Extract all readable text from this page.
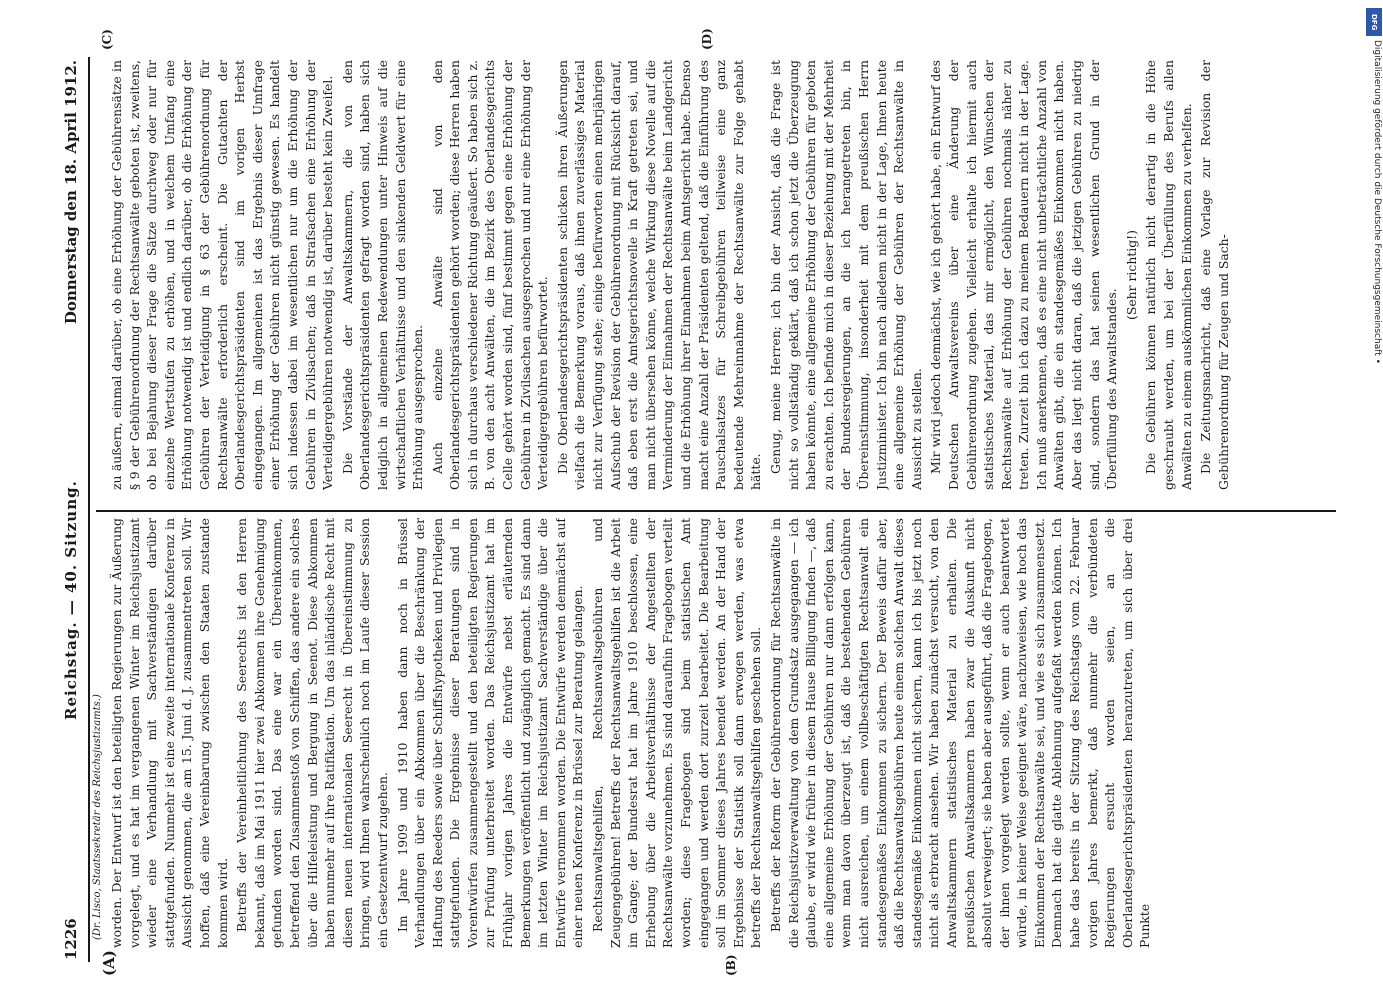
1226
Reichstag. — 40. Sitzung.
Donnerstag den 18. April 1912.
(Dr. Lisco, Staatssekretär des Reichsjustizamts.)
(A)	(B)
(C)	(D)

worden. Der Entwurf ist den beteiligten Regierungen zur Äußerung vorgelegt, und es hat im vergangenen Winter im Reichsjustizamt wieder eine Verhandlung mit Sachverständigen darüber stattgefunden. Nunmehr ist eine zweite internationale Konferenz in Aussicht genommen, die am 15. Juni d. J. zusammentreten soll. Wir hoffen, daß eine Vereinbarung zwischen den Staaten zustande kommen wird. Betreffs der Vereinheitlichung des Seerechts ist den Herren bekannt, daß im Mai 1911 hier zwei Abkommen ihre Genehmigung gefunden worden sind. Das eine war ein Übereinkommen, betreffend den Zusammenstoß von Schiffen, das andere ein solches über die Hilfeleistung und Bergung in Seenot. Diese Abkommen haben nunmehr auf ihre Ratifikation. Um das inländische Recht mit diesen neuen internationalen Seerecht in Übereinstimmung zu bringen, wird Ihnen wahrscheinlich noch im Laufe dieser Session ein Gesetzentwurf zugehen. Im Jahre 1909 und 1910 haben dann noch in Brüssel Verhandlungen über ein Abkommen über die Beschränkung der Haftung des Reeders sowie über Schiffshypotheken und Privilegien stattgefunden. Die Ergebnisse dieser Beratungen sind in Vorentwürfen zusammengestellt und den beteiligten Regierungen zur Prüfung unterbreitet worden. Das Reichsjustizamt hat im Frühjahr vorigen Jahres die Entwürfe nebst erläuternden Bemerkungen veröffentlicht und zugänglich gemacht. Es sind dann im letzten Winter im Reichsjustizamt Sachverständige über die Entwürfe vernommen worden. Die Entwürfe werden demnächst auf einer neuen Konferenz in Brüssel zur Beratung gelangen. Rechtsanwaltsgehilfen, Rechtsanwaltsgebühren und Zeugengebühren! Betreffs der Rechtsanwaltsgehilfen ist die Arbeit im Gange; der Bundesrat hat im Jahre 1910 beschlossen, eine Erhebung über die Arbeitsverhältnisse der Angestellten der Rechtsanwälte vorzunehmen. Es sind daraufhin Fragebogen verteilt worden; diese Fragebogen sind beim statistischen Amt eingegangen und werden dort zurzeit bearbeitet. Die Bearbeitung soll im Sommer dieses Jahres beendet werden. An der Hand der Ergebnisse der Statistik soll dann erwogen werden, was etwa betreffs der Rechtsanwaltsgehilfen geschehen soll. Betreffs der Reform der Gebührenordnung für Rechtsanwälte in die Reichsjustizverwaltung von dem Grundsatz ausgegangen — ich glaube, er wird wie früher in diesem Hause Billigung finden —, daß eine allgemeine Erhöhung der Gebühren nur dann erfolgen kann, wenn man davon überzeugt ist, daß die bestehenden Gebühren nicht ausreichen, um einem vollbeschäftigten Rechtsanwalt ein standesgemäßes Einkommen zu sichern. Der Beweis dafür aber, daß die Rechtsanwaltsgebühren heute einem solchen Anwalt dieses standesgemäße Einkommen nicht sichern, kann ich bis jetzt noch nicht als erbracht ansehen. Wir haben zunächst versucht, von den Anwaltskammern statistisches Material zu erhalten. Die preußischen Anwaltskammern haben zwar die Auskunft nicht absolut verweigert; sie haben aber ausgeführt, daß die Fragebogen, der ihnen vorgelegt werden sollte, wenn er auch beantwortet würde, in keiner Weise geeignet wäre, nachzuweisen, wie hoch das Einkommen der Rechtsanwälte sei, und wie es sich zusammensetzt. Demnach hat die glatte Ablehnung aufgefaßt werden können. Ich habe das bereits in der Sitzung des Reichstags vom 22. Februar vorigen Jahres bemerkt, daß nunmehr die verbündeten Regierungen ersucht worden seien, an die Oberlandesgerichtspräsidenten heranzutreten, um sich über drei Punkte

zu äußern, einmal darüber, ob eine Erhöhung der Gebührensätze in § 9 der Gebührenordnung der Rechtsanwälte geboten ist, zweitens, ob bei Bejahung dieser Frage die Sätze durchweg oder nur für einzelne Wertstufen zu erhöhen, und in welchem Umfang eine Erhöhung notwendig ist und endlich darüber, ob die Erhöhung der Gebühren der Verteidigung in § 63 der Gebührenordnung für Rechtsanwälte erforderlich erscheint. Die Gutachten der Oberlandesgerichtspräsidenten sind im vorigen Herbst eingegangen. Im allgemeinen ist das Ergebnis dieser Umfrage einer Erhöhung der Gebühren nicht günstig gewesen. Es handelt sich indessen dabei im wesentlichen nur um die Erhöhung der Gebühren in Zivilsachen; daß in Strafsachen eine Erhöhung der Verteidigergebühren notwendig ist, darüber besteht kein Zweifel. Die Vorstände der Anwaltskammern, die von den Oberlandesgerichtspräsidenten gefragt worden sind, haben sich lediglich in allgemeinen Redewendungen unter Hinweis auf die wirtschaftlichen Verhältnisse und den sinkenden Geldwert für eine Erhöhung ausgesprochen. Auch einzelne Anwälte sind von den Oberlandesgerichtspräsidenten gehört worden; diese Herren haben sich in durchaus verschiedener Richtung geäußert. So haben sich z. B. von den acht Anwälten, die im Bezirk des Oberlandesgerichts Celle gehört worden sind, fünf bestimmt gegen eine Erhöhung der Gebühren in Zivilsachen ausgesprochen und nur eine Erhöhung der Verteidigergebühren befürwortet. Die Oberlandesgerichtspräsidenten schicken ihren Äußerungen vielfach die Bemerkung voraus, daß ihnen zuverlässiges Material nicht zur Verfügung stehe; einige befürworten einen mehrjährigen Aufschub der Revision der Gebührenordnung mit Rücksicht darauf, daß eben erst die Amtsgerichtsnovelle in Kraft getreten sei, und man nicht übersehen könne, welche Wirkung diese Novelle auf die Verminderung der Einnahmen der Rechtsanwälte beim Landgericht und die Erhöhung ihrer Einnahmen beim Amtsgericht habe. Ebenso macht eine Anzahl der Präsidenten geltend, daß die Einführung des Pauschalsatzes für Schreibgebühren teilweise eine ganz bedeutende Mehreinnahme der Rechtsanwälte zur Folge gehabt hätte. Genug, meine Herren; ich bin der Ansicht, daß die Frage ist nicht so vollständig geklärt, daß ich schon jetzt die Überzeugung haben könnte, eine allgemeine Erhöhung der Gebühren für geboten zu erachten. Ich befinde mich in dieser Beziehung mit der Mehrheit der Bundesregierungen, an die ich herangetreten bin, in Übereinstimmung, insonderheit mit dem preußischen Herrn Justizminister. Ich bin nach alledem nicht in der Lage, Ihnen heute eine allgemeine Erhöhung der Gebühren der Rechtsanwälte in Aussicht zu stellen. Mir wird jedoch demnächst, wie ich gehört habe, ein Entwurf des Deutschen Anwaltsvereins über eine Änderung der Gebührenordnung zugehen. Vielleicht erhalte ich hiermit auch statistisches Material, das mir ermöglicht, den Wünschen der Rechtsanwälte auf Erhöhung der Gebühren nochmals näher zu treten. Zurzeit bin ich dazu zu meinem Bedauern nicht in der Lage. Ich muß anerkennen, daß es eine nicht unbeträchtliche Anzahl von Anwälten gibt, die ein standesgemäßes Einkommen nicht haben. Aber das liegt nicht daran, daß die jetzigen Gebühren zu niedrig sind, sondern das hat seinen wesentlichen Grund in der Überfüllung des Anwaltstandes.

(Sehr richtig!) Die Gebühren können natürlich nicht derartig in die Höhe geschraubt werden, um bei der Überfüllung des Berufs allen Anwälten zu einem auskömmlichen Einkommen zu verhelfen. Die Zeitungsnachricht, daß eine Vorlage zur Revision der Gebührenordnung für Zeugen und Sach-

DFG
Digitalisierung gefördert durch die Deutsche Forschungsgemeinschaft •
